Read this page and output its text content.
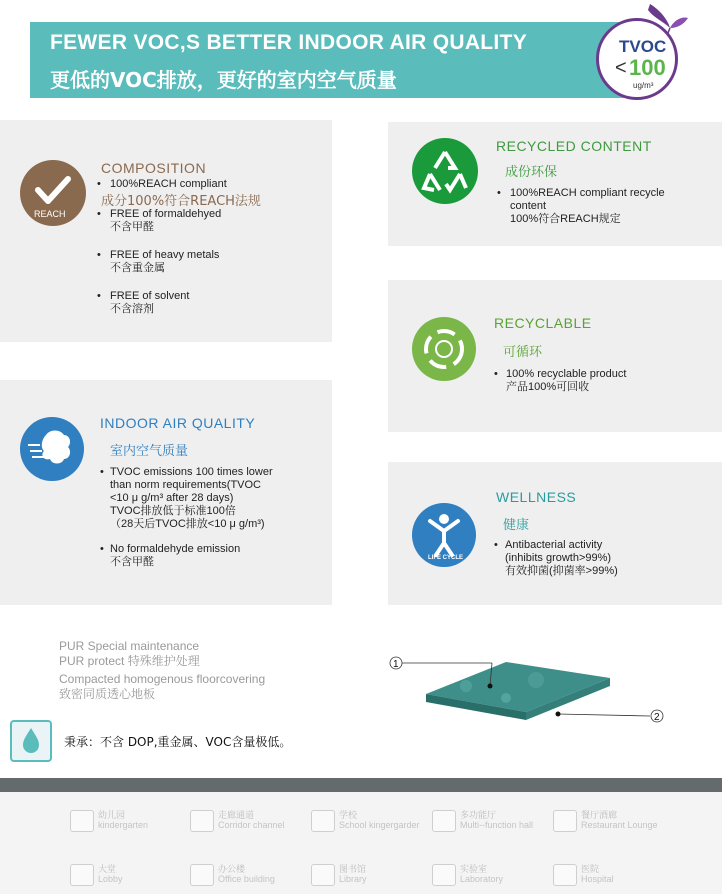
FEWER VOC,S BETTER INDOOR AIR QUALITY
更低的VOC排放，更好的室内空气质量
TVOC
< 100
ug/m³
REACH
COMPOSITION
• 100%REACH compliant
成分100%符合REACH法规
• FREE of formaldehyed
不含甲醛
• FREE of heavy metals
不含重金属
• FREE of solvent
不含溶剂
INDOOR AIR QUALITY
室内空气质量
• TVOC emissions 100 times lower
than norm requirements(TVOC
<10 μ g/m³ after 28 days)
TVOC排放低于标准100倍
（28天后TVOC排放<10 μ g/m³)
• No formaldehyde emission
不含甲醛
RECYCLED CONTENT
成份环保
• 100%REACH compliant recycle
content
100%符合REACH规定
RECYCLABLE
可循环
• 100% recyclable product
产品100%可回收
LIFE CYCLE
WELLNESS
健康
• Antibacterial activity
(inhibits growth>99%)
有效抑菌(抑菌率>99%)
PUR Special maintenance
PUR protect 特殊维护处理
Compacted homogenous floorcovering
致密同质透心地板
1
2
秉承：不含 DOP,重金属、VOC含量极低。
幼儿园
kindergarten
走廊通道
Corridor channel
学校
School kingergarder
多功能厅
Multi--function hall
餐厅酒廊
Restaurant Lounge
大堂
Lobby
办公楼
Office building
图书馆
Library
实验室
Laboratory
医院
Hospital
